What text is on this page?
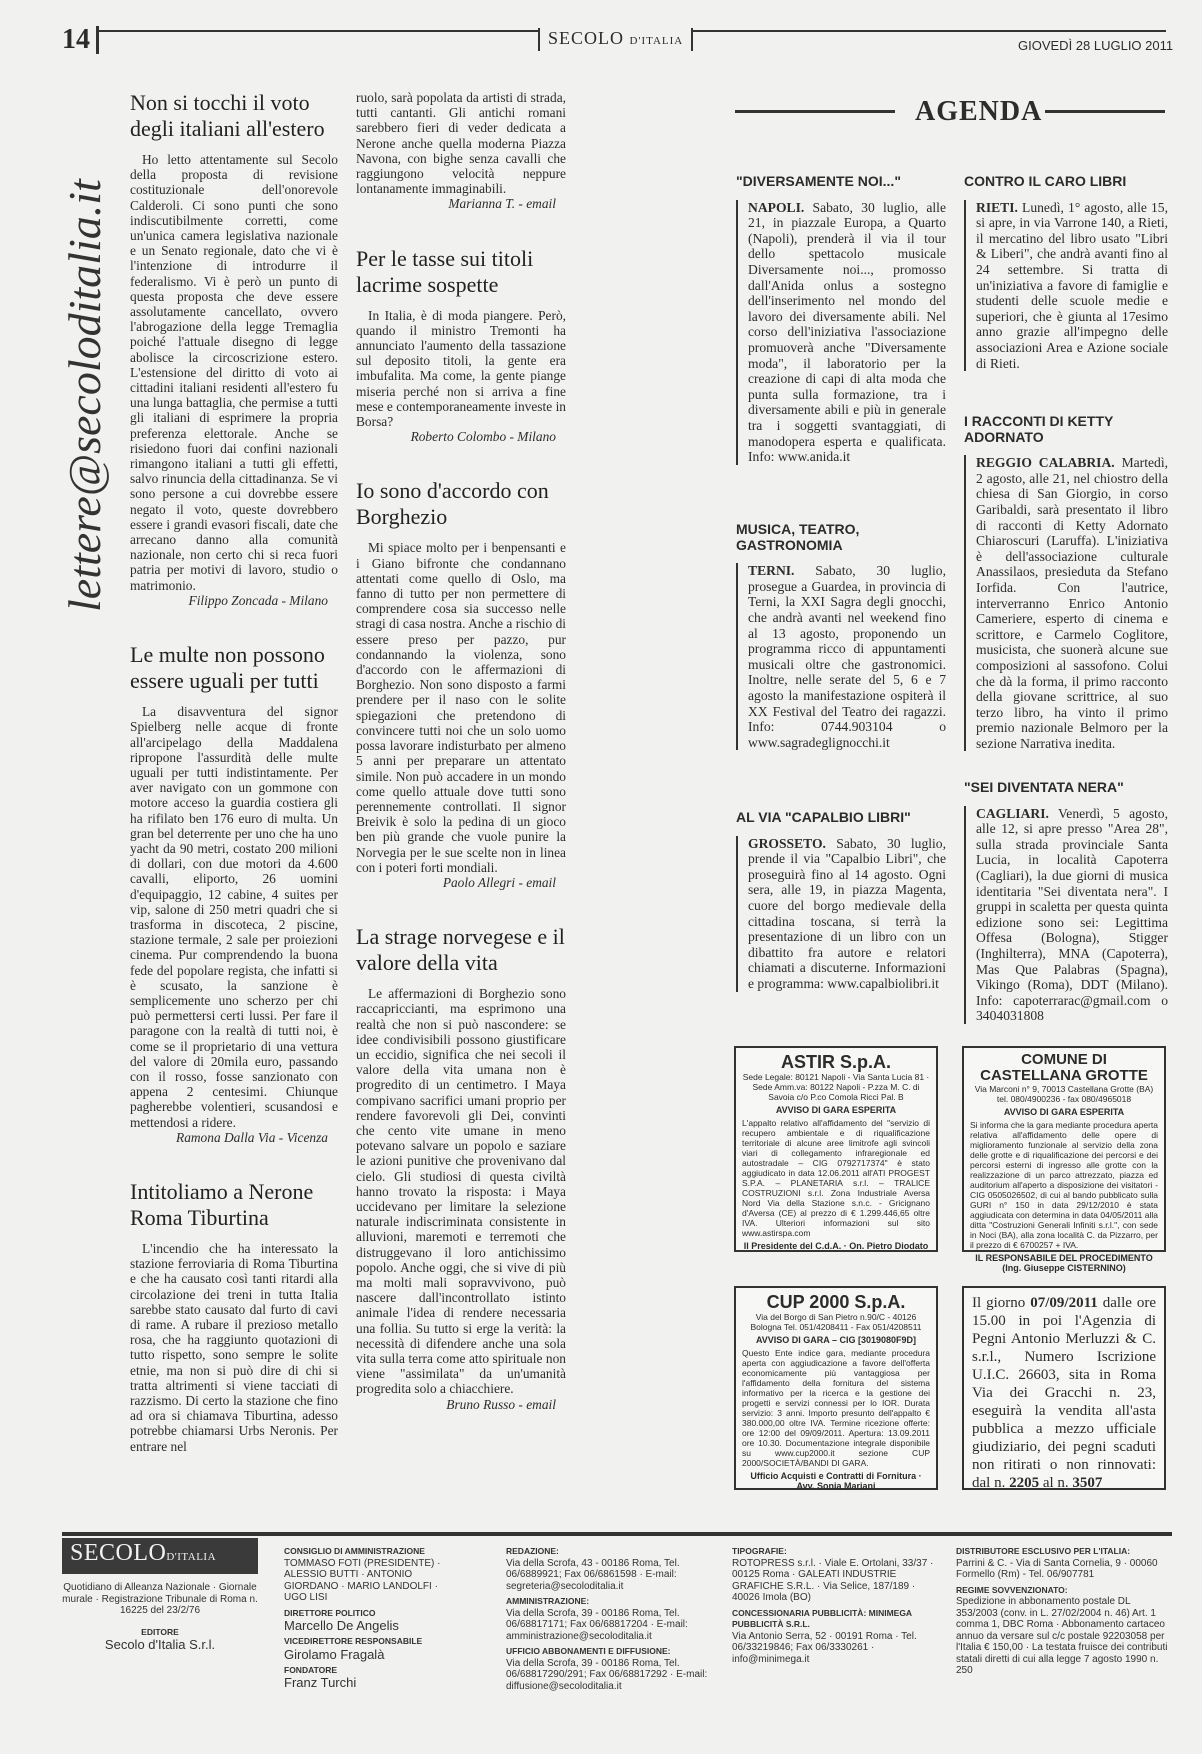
14	SECOLO D'ITALIA	GIOVEDÌ 28 LUGLIO 2011
lettere@secoloditalia.it
Non si tocchi il voto degli italiani all'estero

Ho letto attentamente sul Secolo della proposta di revisione costituzionale dell'onorevole Calderoli. Ci sono punti che sono indiscutibilmente corretti, come un'unica camera legislativa nazionale e un Senato regionale, dato che vi è l'intenzione di introdurre il federalismo. Vi è però un punto di questa proposta che deve essere assolutamente cancellato, ovvero l'abrogazione della legge Tremaglia poiché l'attuale disegno di legge abolisce la circoscrizione estero. L'estensione del diritto di voto ai cittadini italiani residenti all'estero fu una lunga battaglia, che permise a tutti gli italiani di esprimere la propria preferenza elettorale. Anche se risiedono fuori dai confini nazionali rimangono italiani a tutti gli effetti, salvo rinuncia della cittadinanza. Se vi sono persone a cui dovrebbe essere negato il voto, queste dovrebbero essere i grandi evasori fiscali, date che arrecano danno alla comunità nazionale, non certo chi si reca fuori patria per motivi di lavoro, studio o matrimonio.

Filippo Zoncada - Milano
Le multe non possono essere uguali per tutti

La disavventura del signor Spielberg nelle acque di fronte all'arcipelago della Maddalena ripropone l'assurdità delle multe uguali per tutti indistintamente. Per aver navigato con un gommone con motore acceso la guardia costiera gli ha rifilato ben 176 euro di multa. Un gran bel deterrente per uno che ha uno yacht da 90 metri, costato 200 milioni di dollari, con due motori da 4.600 cavalli, eliporto, 26 uomini d'equipaggio, 12 cabine, 4 suites per vip, salone di 250 metri quadri che si trasforma in discoteca, 2 piscine, stazione termale, 2 sale per proiezioni cinema. Pur comprendendo la buona fede del popolare regista, che infatti si è scusato, la sanzione è semplicemente uno scherzo per chi può permettersi certi lussi. Per fare il paragone con la realtà di tutti noi, è come se il proprietario di una vettura del valore di 20mila euro, passando con il rosso, fosse sanzionato con appena 2 centesimi. Chiunque pagherebbe volentieri, scusandosi e mettendosi a ridere.

Ramona Dalla Via - Vicenza
Intitoliamo a Nerone Roma Tiburtina

L'incendio che ha interessato la stazione ferroviaria di Roma Tiburtina e che ha causato così tanti ritardi alla circolazione dei treni in tutta Italia sarebbe stato causato dal furto di cavi di rame. A rubare il prezioso metallo rosa, che ha raggiunto quotazioni di tutto rispetto, sono sempre le solite etnie, ma non si può dire di chi si tratta altrimenti si viene tacciati di razzismo. Di certo la stazione che fino ad ora si chiamava Tiburtina, adesso potrebbe chiamarsi Urbs Neronis. Per entrare nel

ruolo, sarà popolata da artisti di strada, tutti cantanti. Gli antichi romani sarebbero fieri di veder dedicata a Nerone anche quella moderna Piazza Navona, con bighe senza cavalli che raggiungono velocità neppure lontanamente immaginabili.

Marianna T. - email
Per le tasse sui titoli lacrime sospette

In Italia, è di moda piangere. Però, quando il ministro Tremonti ha annunciato l'aumento della tassazione sul deposito titoli, la gente era imbufalita. Ma come, la gente piange miseria perché non si arriva a fine mese e contemporaneamente investe in Borsa?

Roberto Colombo - Milano
Io sono d'accordo con Borghezio

Mi spiace molto per i benpensanti e i Giano bifronte che condannano attentati come quello di Oslo, ma fanno di tutto per non permettere di comprendere cosa sia successo nelle stragi di casa nostra. Anche a rischio di essere preso per pazzo, pur condannando la violenza, sono d'accordo con le affermazioni di Borghezio. Non sono disposto a farmi prendere per il naso con le solite spiegazioni che pretendono di convincere tutti noi che un solo uomo possa lavorare indisturbato per almeno 5 anni per preparare un attentato simile. Non può accadere in un mondo come quello attuale dove tutti sono perennemente controllati. Il signor Breivik è solo la pedina di un gioco ben più grande che vuole punire la Norvegia per le sue scelte non in linea con i poteri forti mondiali.

Paolo Allegri - email
La strage norvegese e il valore della vita

Le affermazioni di Borghezio sono raccapriccianti, ma esprimono una realtà che non si può nascondere: se idee condivisibili possono giustificare un eccidio, significa che nei secoli il valore della vita umana non è progredito di un centimetro. I Maya compivano sacrifici umani proprio per rendere favorevoli gli Dei, convinti che cento vite umane in meno potevano salvare un popolo e saziare le azioni punitive che provenivano dal cielo. Gli studiosi di questa civiltà hanno trovato la risposta: i Maya uccidevano per limitare la selezione naturale indiscriminata consistente in alluvioni, maremoti e terremoti che distruggevano il loro antichissimo popolo. Anche oggi, che si vive di più ma molti mali sopravvivono, può nascere dall'incontrollato istinto animale l'idea di rendere necessaria una follia. Su tutto si erge la verità: la necessità di difendere anche una sola vita sulla terra come atto spirituale non viene "assimilata" da un'umanità progredita solo a chiacchiere.

Bruno Russo - email
AGENDA
"DIVERSAMENTE NOI..."
NAPOLI. Sabato, 30 luglio, alle 21, in piazzale Europa, a Quarto (Napoli), prenderà il via il tour dello spettacolo musicale Diversamente noi..., promosso dall'Anida onlus a sostegno dell'inserimento nel mondo del lavoro dei diversamente abili. Nel corso dell'iniziativa l'associazione promuoverà anche "Diversamente moda", il laboratorio per la creazione di capi di alta moda che punta sulla formazione, tra i diversamente abili e più in generale tra i soggetti svantaggiati, di manodopera esperta e qualificata. Info: www.anida.it
CONTRO IL CARO LIBRI
RIETI. Lunedì, 1° agosto, alle 15, si apre, in via Varrone 140, a Rieti, il mercatino del libro usato "Libri & Liberi", che andrà avanti fino al 24 settembre. Si tratta di un'iniziativa a favore di famiglie e studenti delle scuole medie e superiori, che è giunta al 17esimo anno grazie all'impegno delle associazioni Area e Azione sociale di Rieti.
MUSICA, TEATRO, GASTRONOMIA
TERNI. Sabato, 30 luglio, prosegue a Guardea, in provincia di Terni, la XXI Sagra degli gnocchi, che andrà avanti nel weekend fino al 13 agosto, proponendo un programma ricco di appuntamenti musicali oltre che gastronomici. Inoltre, nelle serate del 5, 6 e 7 agosto la manifestazione ospiterà il XX Festival del Teatro dei ragazzi. Info: 0744.903104 o www.sagradeglignocchi.it
I RACCONTI DI KETTY ADORNATO
REGGIO CALABRIA. Martedì, 2 agosto, alle 21, nel chiostro della chiesa di San Giorgio, in corso Garibaldi, sarà presentato il libro di racconti di Ketty Adornato Chiaroscuri (Laruffa). L'iniziativa è dell'associazione culturale Anassilaos, presieduta da Stefano Iorfida. Con l'autrice, interverranno Enrico Antonio Cameriere, esperto di cinema e scrittore, e Carmelo Coglitore, musicista, che suonerà alcune sue composizioni al sassofono. Colui che dà la forma, il primo racconto della giovane scrittrice, al suo terzo libro, ha vinto il primo premio nazionale Belmoro per la sezione Narrativa inedita.
AL VIA "CAPALBIO LIBRI"
GROSSETO. Sabato, 30 luglio, prende il via "Capalbio Libri", che proseguirà fino al 14 agosto. Ogni sera, alle 19, in piazza Magenta, cuore del borgo medievale della cittadina toscana, si terrà la presentazione di un libro con un dibattito fra autore e relatori chiamati a discuterne. Informazioni e programma: www.capalbiolibri.it
"SEI DIVENTATA NERA"
CAGLIARI. Venerdì, 5 agosto, alle 12, si apre presso "Area 28", sulla strada provinciale Santa Lucia, in località Capoterra (Cagliari), la due giorni di musica identitaria "Sei diventata nera". I gruppi in scaletta per questa quinta edizione sono sei: Legittima Offesa (Bologna), Stigger (Inghilterra), MNA (Capoterra), Mas Que Palabras (Spagna), Vikingo (Roma), DDT (Milano). Info: capoterrarac@gmail.com o 3404031808
ASTIR S.p.A.
Sede Legale: 80121 Napoli - Via Santa Lucia 81 · Sede Amm.va: 80122 Napoli - P.zza M. C. di Savoia c/o P.co Comola Ricci Pal. B
AVVISO DI GARA ESPERITA
L'appalto relativo all'affidamento del "servizio di recupero ambientale e di riqualificazione territoriale di alcune aree limitrofe agli svincoli viari di collegamento infraregionale ed autostradale – CIG 0792717374" è stato aggiudicato in data 12.06.2011 all'ATI PROGEST S.P.A. – PLANETARIA s.r.l. – TRALICE COSTRUZIONI s.r.l. Zona Industriale Aversa Nord Via della Stazione s.n.c. - Gricignano d'Aversa (CE) al prezzo di € 1.299.446,65 oltre IVA. Ulteriori informazioni sul sito www.astirspa.com
Il Presidente del C.d.A. · On. Pietro Diodato
COMUNE DI CASTELLANA GROTTE
Via Marconi n° 9, 70013 Castellana Grotte (BA) tel. 080/4900236 - fax 080/4965018
AVVISO DI GARA ESPERITA
Si informa che la gara mediante procedura aperta relativa all'affidamento delle opere di miglioramento funzionale al servizio della zona delle grotte e di riqualificazione dei percorsi e dei percorsi esterni di ingresso alle grotte con la realizzazione di un parco attrezzato, piazza ed auditorium all'aperto a disposizione dei visitatori - CIG 0505026502, di cui al bando pubblicato sulla GURI n° 150 in data 29/12/2010 è stata aggiudicata con determina in data 04/05/2011 alla ditta "Costruzioni Generali Infiniti s.r.l.", con sede in Noci (BA), alla zona località C. da Pizzarro, per il prezzo di € 6700257 + IVA.
IL RESPONSABILE DEL PROCEDIMENTO (Ing. Giuseppe CISTERNINO)
CUP 2000 S.p.A.
Via del Borgo di San Pietro n.90/C - 40126 Bologna Tel. 051/4208411 - Fax 051/4208511
AVVISO DI GARA – CIG [3019080F9D]
Questo Ente indice gara, mediante procedura aperta con aggiudicazione a favore dell'offerta economicamente più vantaggiosa per l'affidamento della fornitura del sistema informativo per la ricerca e la gestione dei progetti e servizi connessi per lo IOR. Durata servizio: 3 anni. Importo presunto dell'appalto € 380.000,00 oltre IVA. Termine ricezione offerte: ore 12:00 del 09/09/2011. Apertura: 13.09.2011 ore 10.30. Documentazione integrale disponibile su www.cup2000.it sezione CUP 2000/SOCIETÀ/BANDI DI GARA.
Ufficio Acquisti e Contratti di Fornitura · Avv. Sonia Mariani
Il giorno 07/09/2011 dalle ore 15.00 in poi l'Agenzia di Pegni Antonio Merluzzi & C. s.r.l., Numero Iscrizione U.I.C. 26603, sita in Roma Via dei Gracchi n. 23, eseguirà la vendita all'asta pubblica a mezzo ufficiale giudiziario, dei pegni scaduti non ritirati o non rinnovati: dal n. 2205 al n. 3507
SECOLOD'ITALIA
Quotidiano di Alleanza Nazionale · Giornale murale · Registrazione Tribunale di Roma n. 16225 del 23/2/76
EDITORE
Secolo d'Italia S.r.l.
CONSIGLIO DI AMMINISTRAZIONE
TOMMASO FOTI (PRESIDENTE) · ALESSIO BUTTI · ANTONIO GIORDANO · MARIO LANDOLFI · UGO LISI
DIRETTORE POLITICO
Marcello De Angelis
VICEDIRETTORE RESPONSABILE
Girolamo Fragalà
FONDATORE
Franz Turchi
REDAZIONE:
Via della Scrofa, 43 - 00186 Roma, Tel. 06/6889921; Fax 06/6861598 · E-mail: segreteria@secoloditalia.it
AMMINISTRAZIONE:
Via della Scrofa, 39 - 00186 Roma, Tel. 06/68817171; Fax 06/68817204 · E-mail: amministrazione@secoloditalia.it
UFFICIO ABBONAMENTI E DIFFUSIONE:
Via della Scrofa, 39 - 00186 Roma, Tel. 06/68817290/291; Fax 06/68817292 · E-mail: diffusione@secoloditalia.it
TIPOGRAFIE:
ROTOPRESS s.r.l. · Viale E. Ortolani, 33/37 · 00125 Roma · GALEATI INDUSTRIE GRAFICHE S.R.L. · Via Selice, 187/189 · 40026 Imola (BO)
CONCESSIONARIA PUBBLICITÀ: MINIMEGA PUBBLICITÀ S.R.L.
Via Antonio Serra, 52 · 00191 Roma · Tel. 06/33219846; Fax 06/3330261 · info@minimega.it
DISTRIBUTORE ESCLUSIVO PER L'ITALIA:
Parrini & C. - Via di Santa Cornelia, 9 · 00060 Formello (Rm) - Tel. 06/907781
REGIME SOVVENZIONATO:
Spedizione in abbonamento postale DL 353/2003 (conv. in L. 27/02/2004 n. 46) Art. 1 comma 1, DBC Roma · Abbonamento cartaceo annuo da versare sul c/c postale 92203058 per l'Italia € 150,00 · La testata fruisce dei contributi statali diretti di cui alla legge 7 agosto 1990 n. 250
